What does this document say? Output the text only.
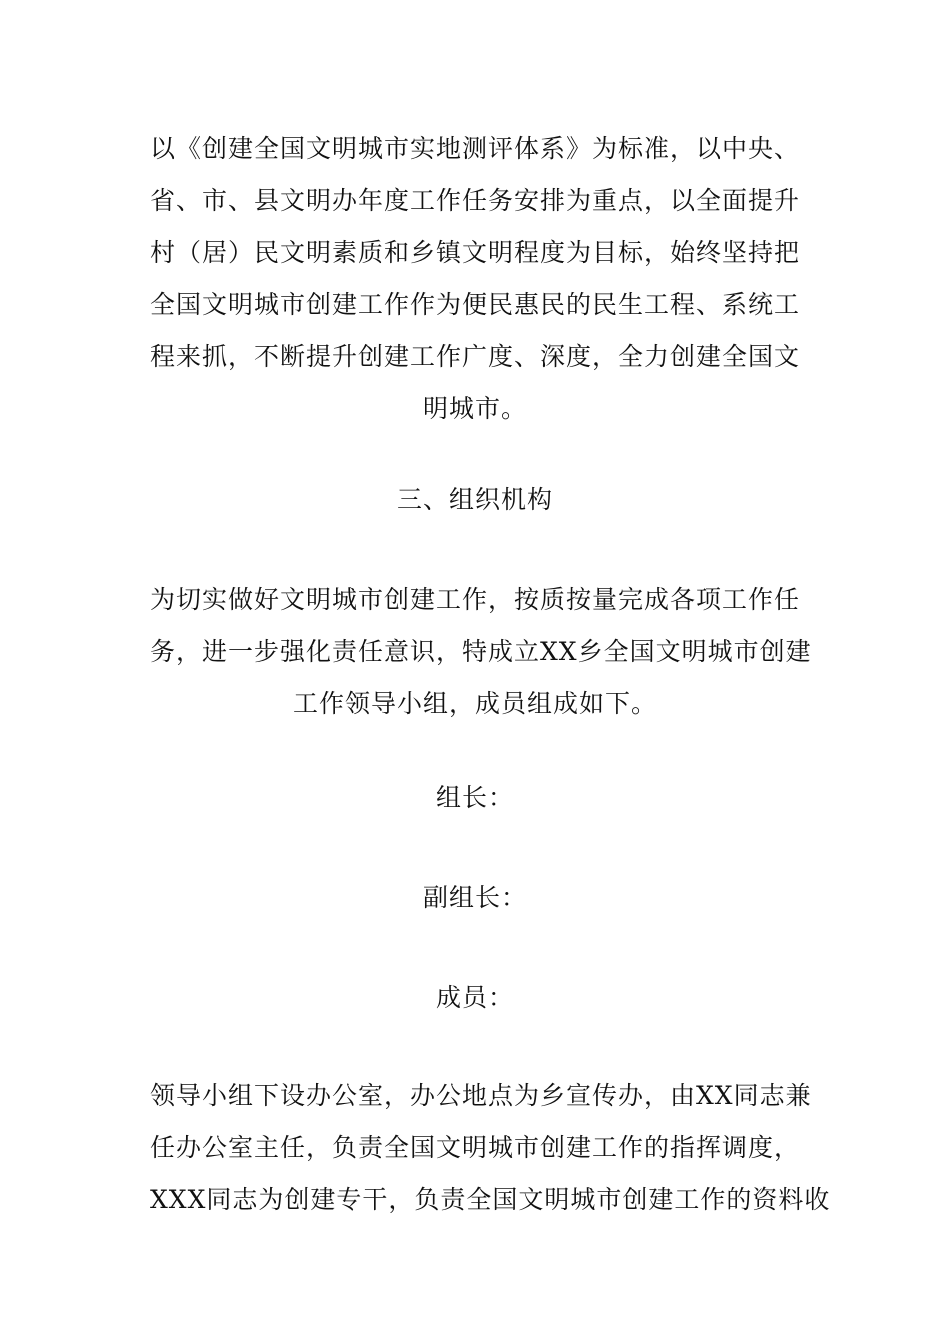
以《创建全国文明城市实地测评体系》为标准，以中央、
省、市、县文明办年度工作任务安排为重点，以全面提升
村（居）民文明素质和乡镇文明程度为目标，始终坚持把
全国文明城市创建工作作为便民惠民的民生工程、系统工
程来抓，不断提升创建工作广度、深度，全力创建全国文
明城市。
三、组织机构
为切实做好文明城市创建工作，按质按量完成各项工作任
务，进一步强化责任意识，特成立XX乡全国文明城市创建
工作领导小组，成员组成如下。
组长：
副组长：
成员：
领导小组下设办公室，办公地点为乡宣传办，由XX同志兼
任办公室主任，负责全国文明城市创建工作的指挥调度，
XXX同志为创建专干，负责全国文明城市创建工作的资料收
